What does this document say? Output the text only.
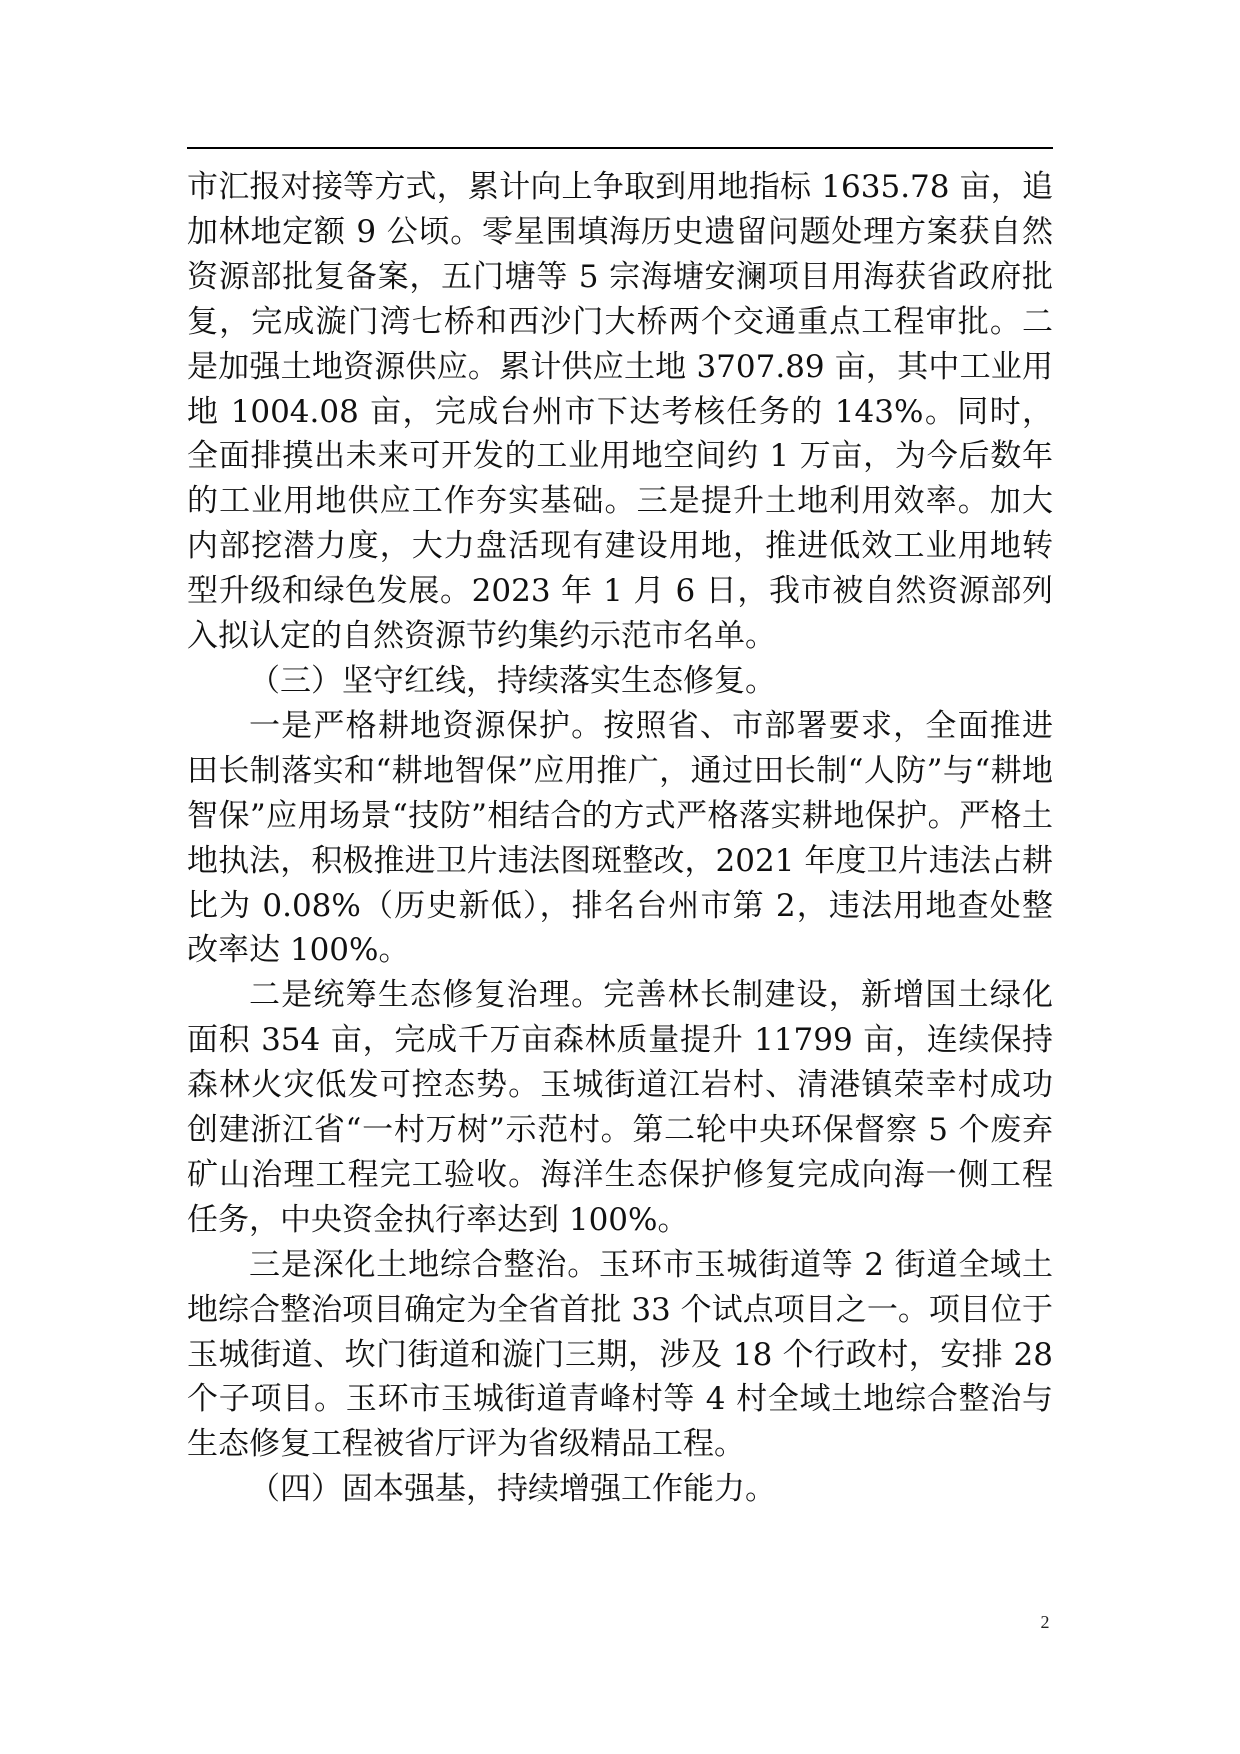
市汇报对接等方式，累计向上争取到用地指标 1635.78 亩，追加林地定额 9 公顷。零星围填海历史遗留问题处理方案获自然资源部批复备案，五门塘等 5 宗海塘安澜项目用海获省政府批复，完成漩门湾七桥和西沙门大桥两个交通重点工程审批。二是加强土地资源供应。累计供应土地 3707.89 亩，其中工业用地 1004.08 亩，完成台州市下达考核任务的 143%。同时，全面排摸出未来可开发的工业用地空间约 1 万亩，为今后数年的工业用地供应工作夯实基础。三是提升土地利用效率。加大内部挖潜力度，大力盘活现有建设用地，推进低效工业用地转型升级和绿色发展。2023 年 1 月 6 日，我市被自然资源部列入拟认定的自然资源节约集约示范市名单。

（三）坚守红线，持续落实生态修复。

一是严格耕地资源保护。按照省、市部署要求，全面推进田长制落实和“耕地智保”应用推广，通过田长制“人防”与“耕地智保”应用场景“技防”相结合的方式严格落实耕地保护。严格土地执法，积极推进卫片违法图斑整改，2021 年度卫片违法占耕比为 0.08%（历史新低），排名台州市第 2，违法用地查处整改率达 100%。

二是统筹生态修复治理。完善林长制建设，新增国土绿化面积 354 亩，完成千万亩森林质量提升 11799 亩，连续保持森林火灾低发可控态势。玉城街道江岩村、清港镇荣幸村成功创建浙江省“一村万树”示范村。第二轮中央环保督察 5 个废弃矿山治理工程完工验收。海洋生态保护修复完成向海一侧工程任务，中央资金执行率达到 100%。

三是深化土地综合整治。玉环市玉城街道等 2 街道全域土地综合整治项目确定为全省首批 33 个试点项目之一。项目位于玉城街道、坎门街道和漩门三期，涉及 18 个行政村，安排 28 个子项目。玉环市玉城街道青峰村等 4 村全域土地综合整治与生态修复工程被省厅评为省级精品工程。

（四）固本强基，持续增强工作能力。

2
